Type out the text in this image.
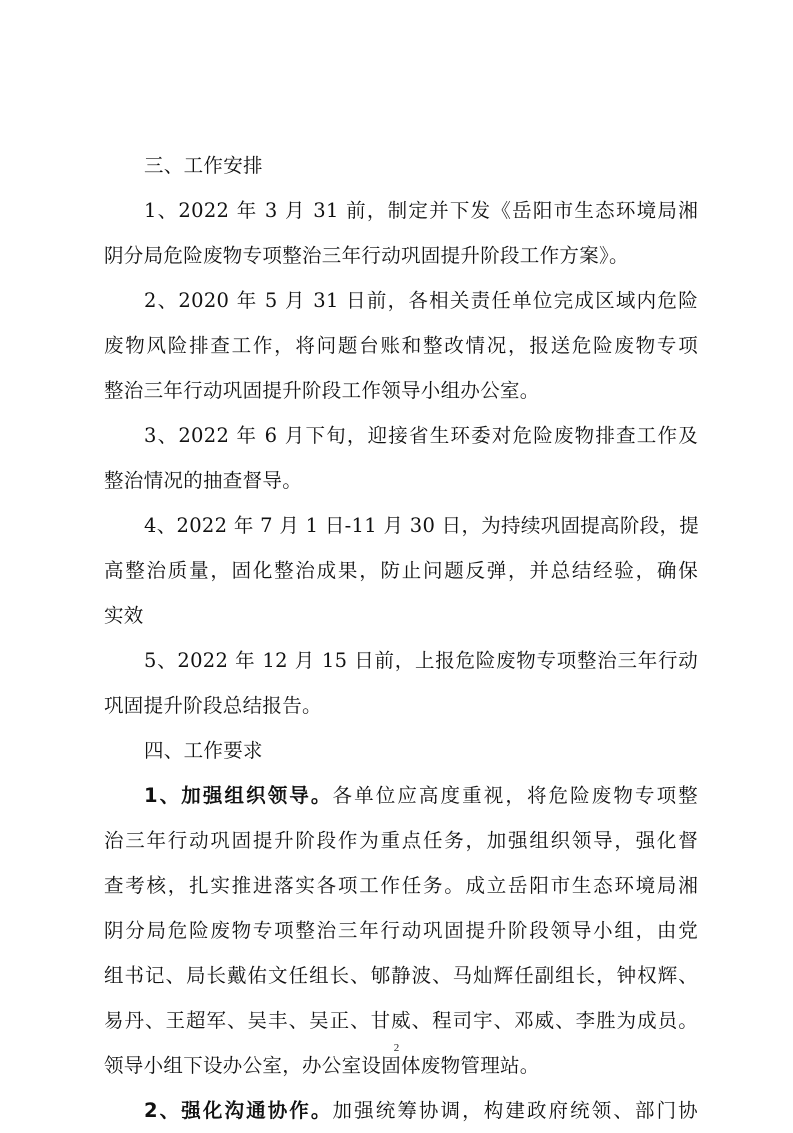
三、工作安排
1、2022 年 3 月 31 前，制定并下发《岳阳市生态环境局湘
阴分局危险废物专项整治三年行动巩固提升阶段工作方案》。
2、2020 年 5 月 31 日前，各相关责任单位完成区域内危险
废物风险排查工作，将问题台账和整改情况，报送危险废物专项
整治三年行动巩固提升阶段工作领导小组办公室。
3、2022 年 6 月下旬，迎接省生环委对危险废物排查工作及
整治情况的抽查督导。
4、2022 年 7 月 1 日-11 月 30 日，为持续巩固提高阶段，提
高整治质量，固化整治成果，防止问题反弹，并总结经验，确保
实效
5、2022 年 12 月 15 日前，上报危险废物专项整治三年行动
巩固提升阶段总结报告。
四、工作要求
1、加强组织领导。各单位应高度重视，将危险废物专项整
治三年行动巩固提升阶段作为重点任务，加强组织领导，强化督
查考核，扎实推进落实各项工作任务。成立岳阳市生态环境局湘
阴分局危险废物专项整治三年行动巩固提升阶段领导小组，由党
组书记、局长戴佑文任组长、郇静波、马灿辉任副组长，钟权辉、
易丹、王超军、吴丰、吴正、甘威、程司宇、邓威、李胜为成员。
领导小组下设办公室，办公室设固体废物管理站。
2、强化沟通协作。加强统筹协调，构建政府统领、部门协
2
